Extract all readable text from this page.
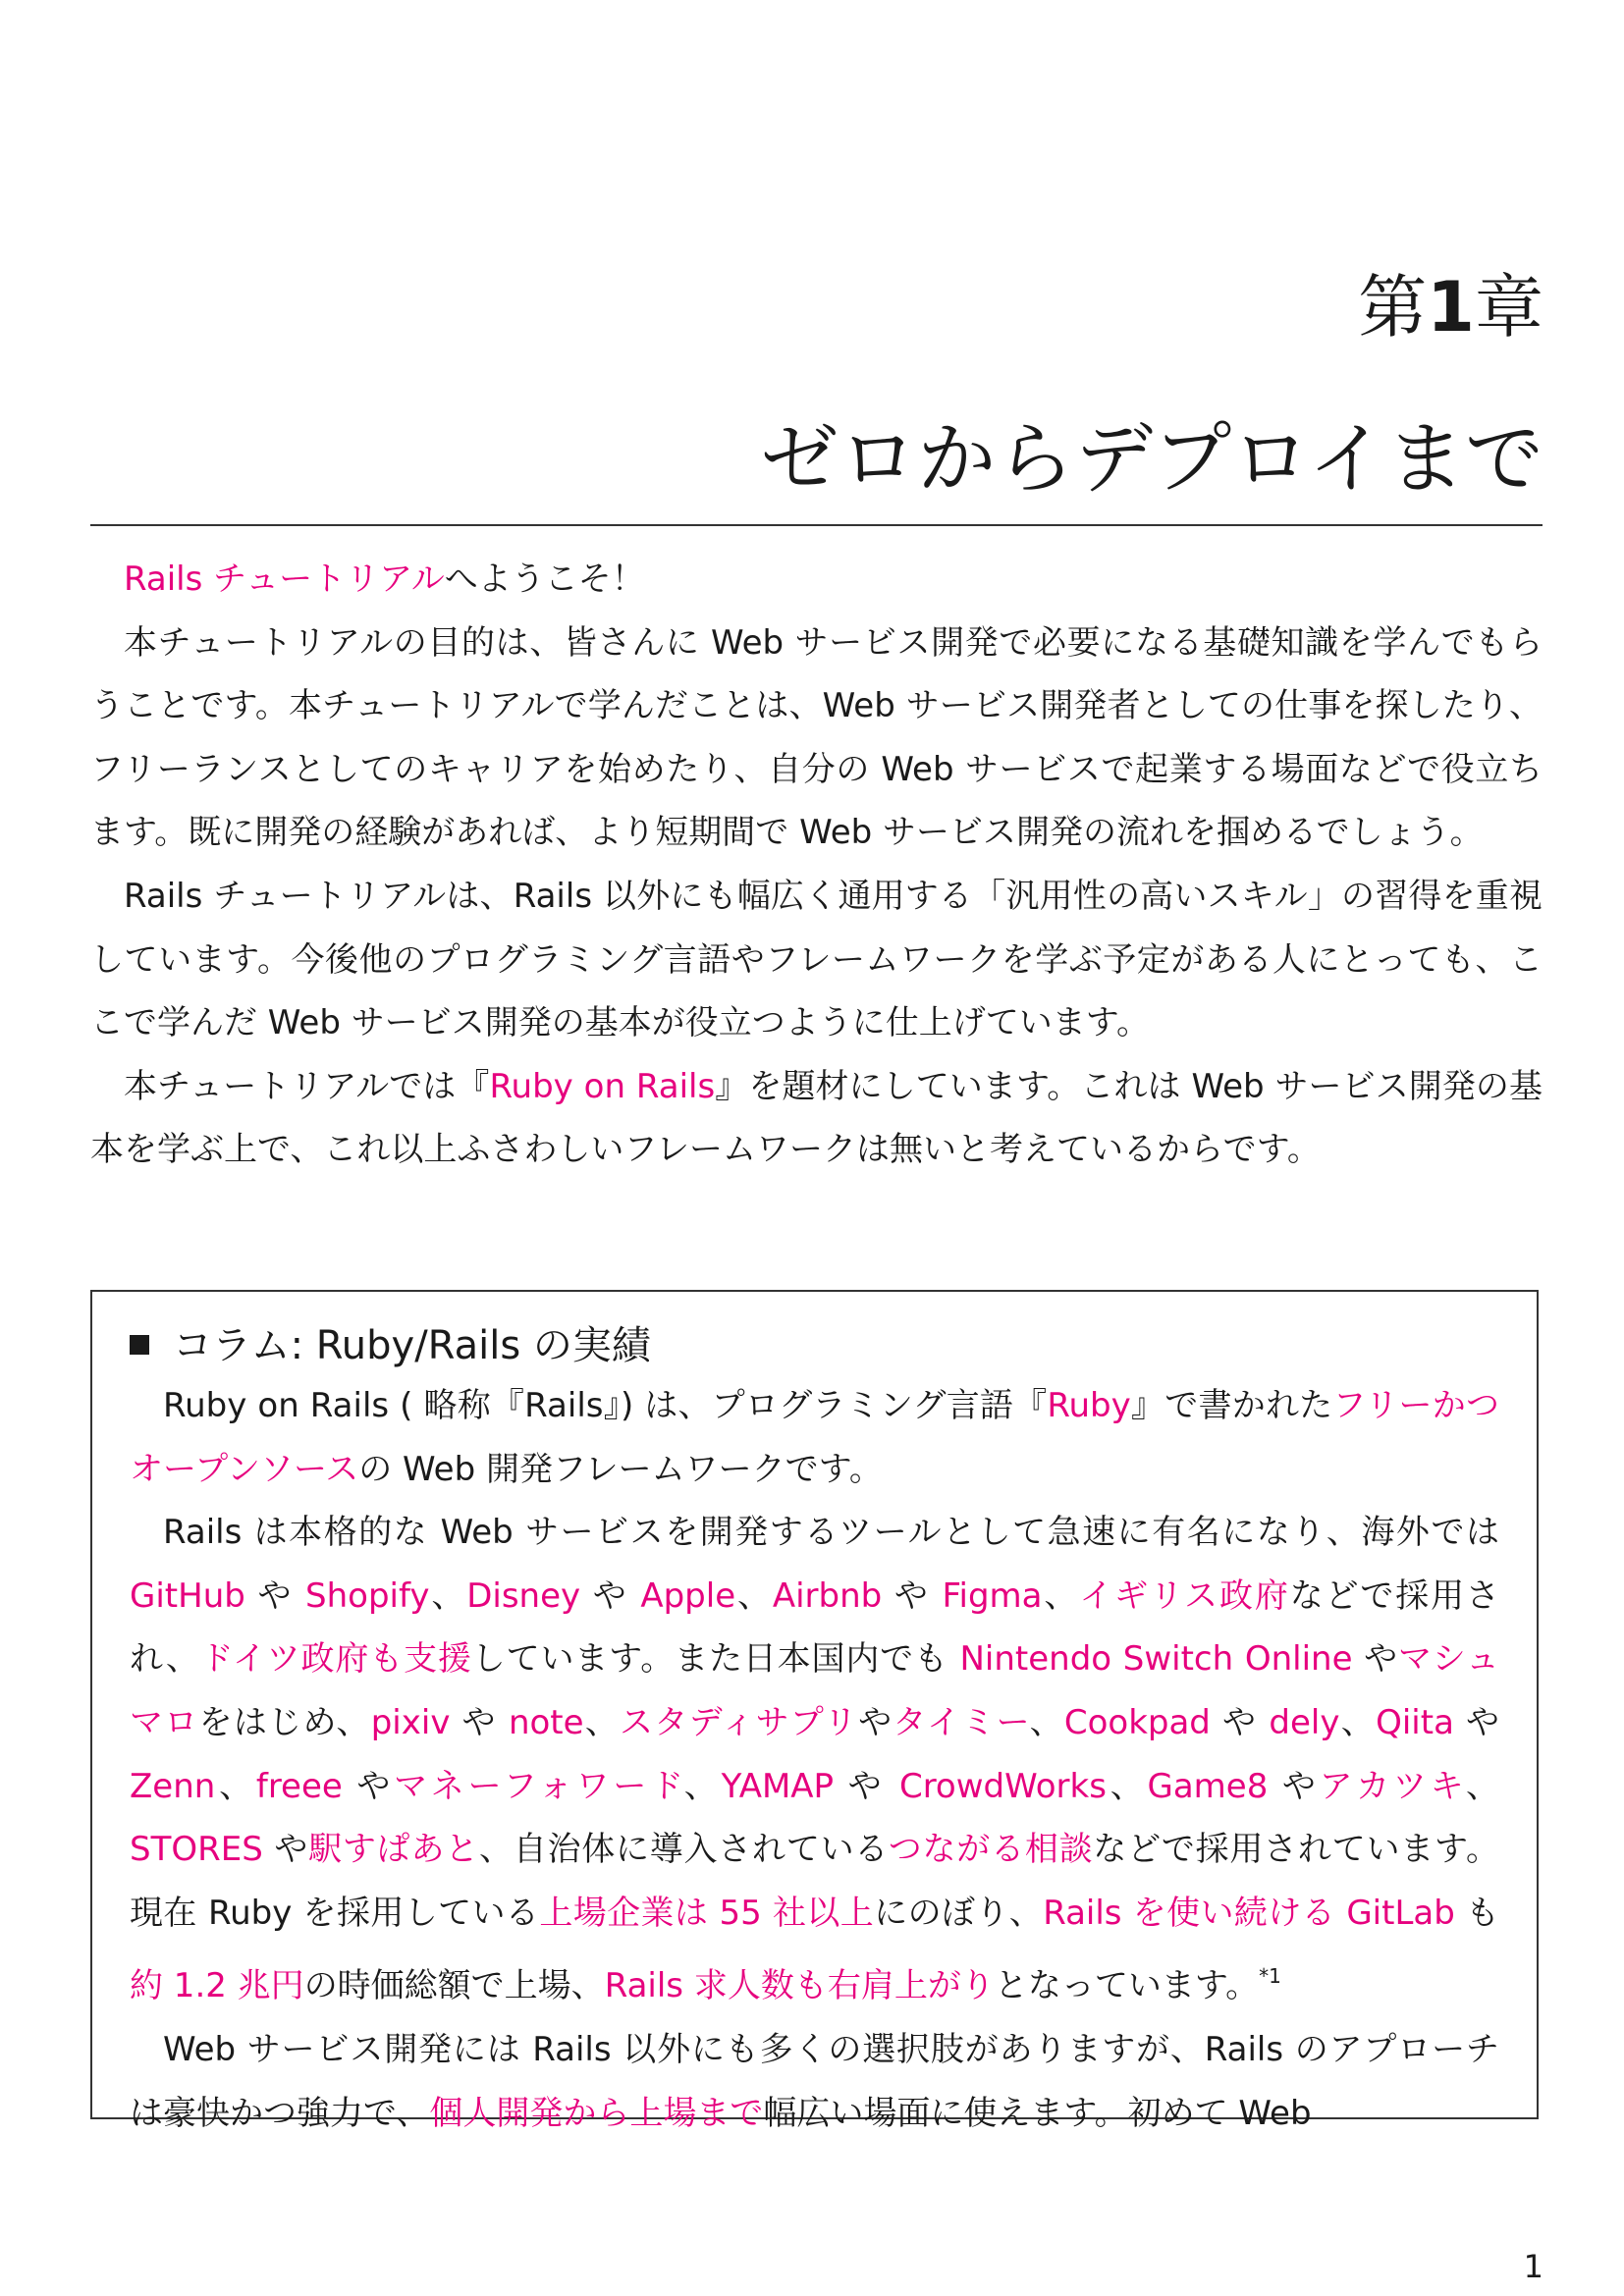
第1章
ゼロからデプロイまで

Rails チュートリアルへようこそ！

本チュートリアルの目的は、皆さんに Web サービス開発で必要になる基礎知識を学んでもらうことです。本チュートリアルで学んだことは、Web サービス開発者としての仕事を探したり、フリーランスとしてのキャリアを始めたり、自分の Web サービスで起業する場面などで役立ちます。既に開発の経験があれば、より短期間で Web サービス開発の流れを掴めるでしょう。

Rails チュートリアルは、Rails 以外にも幅広く通用する「汎用性の高いスキル」の習得を重視しています。今後他のプログラミング言語やフレームワークを学ぶ予定がある人にとっても、ここで学んだ Web サービス開発の基本が役立つように仕上げています。

本チュートリアルでは『Ruby on Rails』を題材にしています。これは Web サービス開発の基本を学ぶ上で、これ以上ふさわしいフレームワークは無いと考えているからです。

コラム: Ruby/Rails の実績

Ruby on Rails ( 略称『Rails』) は、プログラミング言語『Ruby』で書かれたフリーかつオープンソースの Web 開発フレームワークです。

Rails は本格的な Web サービスを開発するツールとして急速に有名になり、海外では GitHub や Shopify、Disney や Apple、Airbnb や Figma、イギリス政府などで採用され、ドイツ政府も支援しています。また日本国内でも Nintendo Switch Online やマシュマロをはじめ、pixiv や note、スタディサプリやタイミー、Cookpad や dely、Qiita や Zenn、freee やマネーフォワード、YAMAP や CrowdWorks、Game8 やアカツキ、STORES や駅すぱあと、自治体に導入されているつながる相談などで採用されています。現在 Ruby を採用している上場企業は 55 社以上にのぼり、Rails を使い続ける GitLab も約 1.2 兆円の時価総額で上場、Rails 求人数も右肩上がりとなっています。$^{*1}$

Web サービス開発には Rails 以外にも多くの選択肢がありますが、Rails のアプローチは豪快かつ強力で、個人開発から上場まで幅広い場面に使えます。初めて Web

1
